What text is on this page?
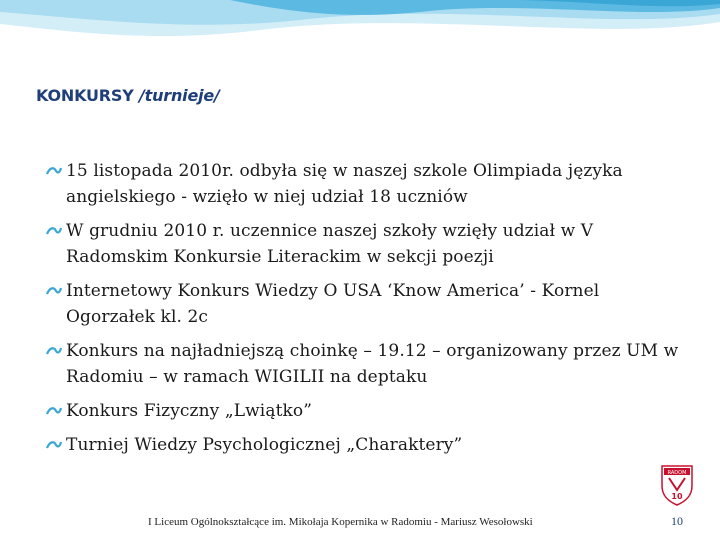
KONKURSY /turnieje/
15 listopada 2010r. odbyła się w naszej szkole Olimpiada języka angielskiego - wzięło w niej udział 18 uczniów
W grudniu 2010 r. uczennice naszej szkoły wzięły udział w V Radomskim Konkursie Literackim w sekcji poezji
Internetowy Konkurs Wiedzy O USA ‘Know America’ - Kornel Ogorzałek kl. 2c
Konkurs na najładniejszą choinkę – 19.12 – organizowany przez UM w Radomiu – w ramach WIGILII na deptaku
Konkurs Fizyczny „Lwiątko”
Turniej Wiedzy Psychologicznej „Charaktery”
RADOM
10
I Liceum Ogólnokształcące im. Mikołaja Kopernika w Radomiu - Mariusz Wesołowski	10
